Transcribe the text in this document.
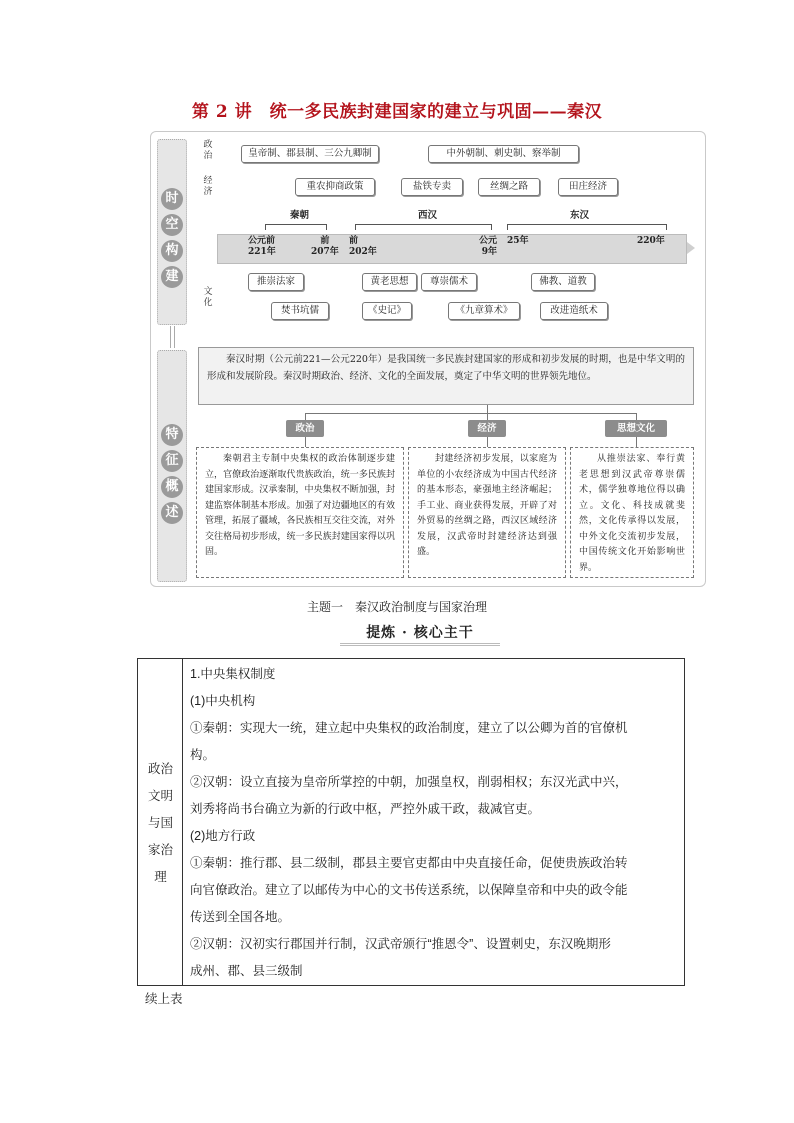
第 2 讲　统一多民族封建国家的建立与巩固——秦汉
时
空
构
建
特
征
概
述
政治
经济
文化
皇帝制、郡县制、三公九卿制	中外朝制、刺史制、察举制
重农抑商政策	盐铁专卖	丝绸之路	田庄经济
秦朝	西汉	东汉
公元前
221年
前
207年
前
202年
公元
9年
25年	220年
推崇法家	黄老思想	尊崇儒术	佛教、道教
焚书坑儒	《史记》	《九章算术》	改进造纸术
秦汉时期（公元前221—公元220年）是我国统一多民族封建国家的形成和初步发展的时期，也是中华文明的形成和发展阶段。秦汉时期政治、经济、文化的全面发展，奠定了中华文明的世界领先地位。
政治	经济	思想文化
秦朝君主专制中央集权的政治体制逐步建立，官僚政治逐渐取代贵族政治，统一多民族封建国家形成。汉承秦制，中央集权不断加强，封建监察体制基本形成。加强了对边疆地区的有效管理，拓展了疆域，各民族相互交往交流，对外交往格局初步形成，统一多民族封建国家得以巩固。
封建经济初步发展，以家庭为单位的小农经济成为中国古代经济的基本形态，豪强地主经济崛起；手工业、商业获得发展，开辟了对外贸易的丝绸之路，西汉区域经济发展，汉武帝时封建经济达到强盛。
从推崇法家、奉行黄老思想到汉武帝尊崇儒术，儒学独尊地位得以确立。文化、科技成就斐然，文化传承得以发展，中外文化交流初步发展，中国传统文化开始影响世界。
主题一　秦汉政治制度与国家治理
提炼 · 核心主干
政治
文明
与国
家治
理
1.中央集权制度
(1)中央机构
①秦朝：实现大一统，建立起中央集权的政治制度，建立了以公卿为首的官僚机
构。
②汉朝：设立直接为皇帝所掌控的中朝，加强皇权，削弱相权；东汉光武中兴，
刘秀将尚书台确立为新的行政中枢，严控外戚干政，裁减官吏。
(2)地方行政
①秦朝：推行郡、县二级制，郡县主要官吏都由中央直接任命，促使贵族政治转
向官僚政治。建立了以邮传为中心的文书传送系统，以保障皇帝和中央的政令能
传送到全国各地。
②汉朝：汉初实行郡国并行制，汉武帝颁行“推恩令”、设置刺史，东汉晚期形
成州、郡、县三级制
续上表
